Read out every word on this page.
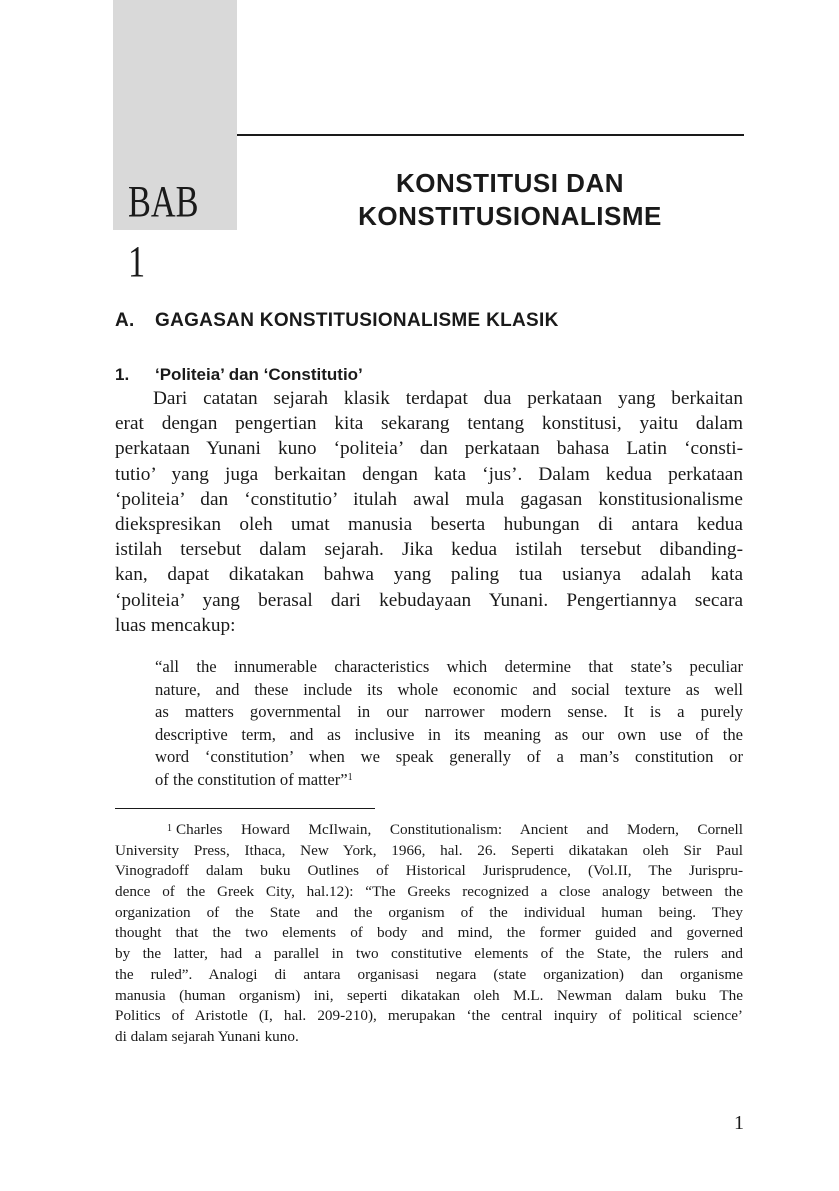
BAB 1
KONSTITUSI DAN
KONSTITUSIONALISME
A. GAGASAN KONSTITUSIONALISME KLASIK
1. ‘Politeia’ dan ‘Constitutio’
Dari catatan sejarah klasik terdapat dua perkataan yang berkaitan
erat dengan pengertian kita sekarang tentang konstitusi, yaitu dalam
perkataan Yunani kuno ‘politeia’ dan perkataan bahasa Latin ‘consti-
tutio’ yang juga berkaitan dengan kata ‘jus’. Dalam kedua perkataan
‘politeia’ dan ‘constitutio’ itulah awal mula gagasan konstitusionalisme
diekspresikan oleh umat manusia beserta hubungan di antara kedua
istilah tersebut dalam sejarah. Jika kedua istilah tersebut dibanding-
kan, dapat dikatakan bahwa yang paling tua usianya adalah kata
‘politeia’ yang berasal dari kebudayaan Yunani. Pengertiannya secara
luas mencakup:
“all the innumerable characteristics which determine that state’s peculiar
nature, and these include its whole economic and social texture as well
as matters governmental in our narrower modern sense. It is a purely
descriptive term, and as inclusive in its meaning as our own use of the
word ‘constitution’ when we speak generally of a man’s constitution or
of the constitution of matter”$^1$
$^1$ Charles Howard McIlwain, Constitutionalism: Ancient and Modern, Cornell
University Press, Ithaca, New York, 1966, hal. 26. Seperti dikatakan oleh Sir Paul
Vinogradoff dalam buku Outlines of Historical Jurisprudence, (Vol.II, The Jurispru-
dence of the Greek City, hal.12): “The Greeks recognized a close analogy between the
organization of the State and the organism of the individual human being. They
thought that the two elements of body and mind, the former guided and governed
by the latter, had a parallel in two constitutive elements of the State, the rulers and
the ruled”. Analogi di antara organisasi negara (state organization) dan organisme
manusia (human organism) ini, seperti dikatakan oleh M.L. Newman dalam buku The
Politics of Aristotle (I, hal. 209-210), merupakan ‘the central inquiry of political science’
di dalam sejarah Yunani kuno.
1
